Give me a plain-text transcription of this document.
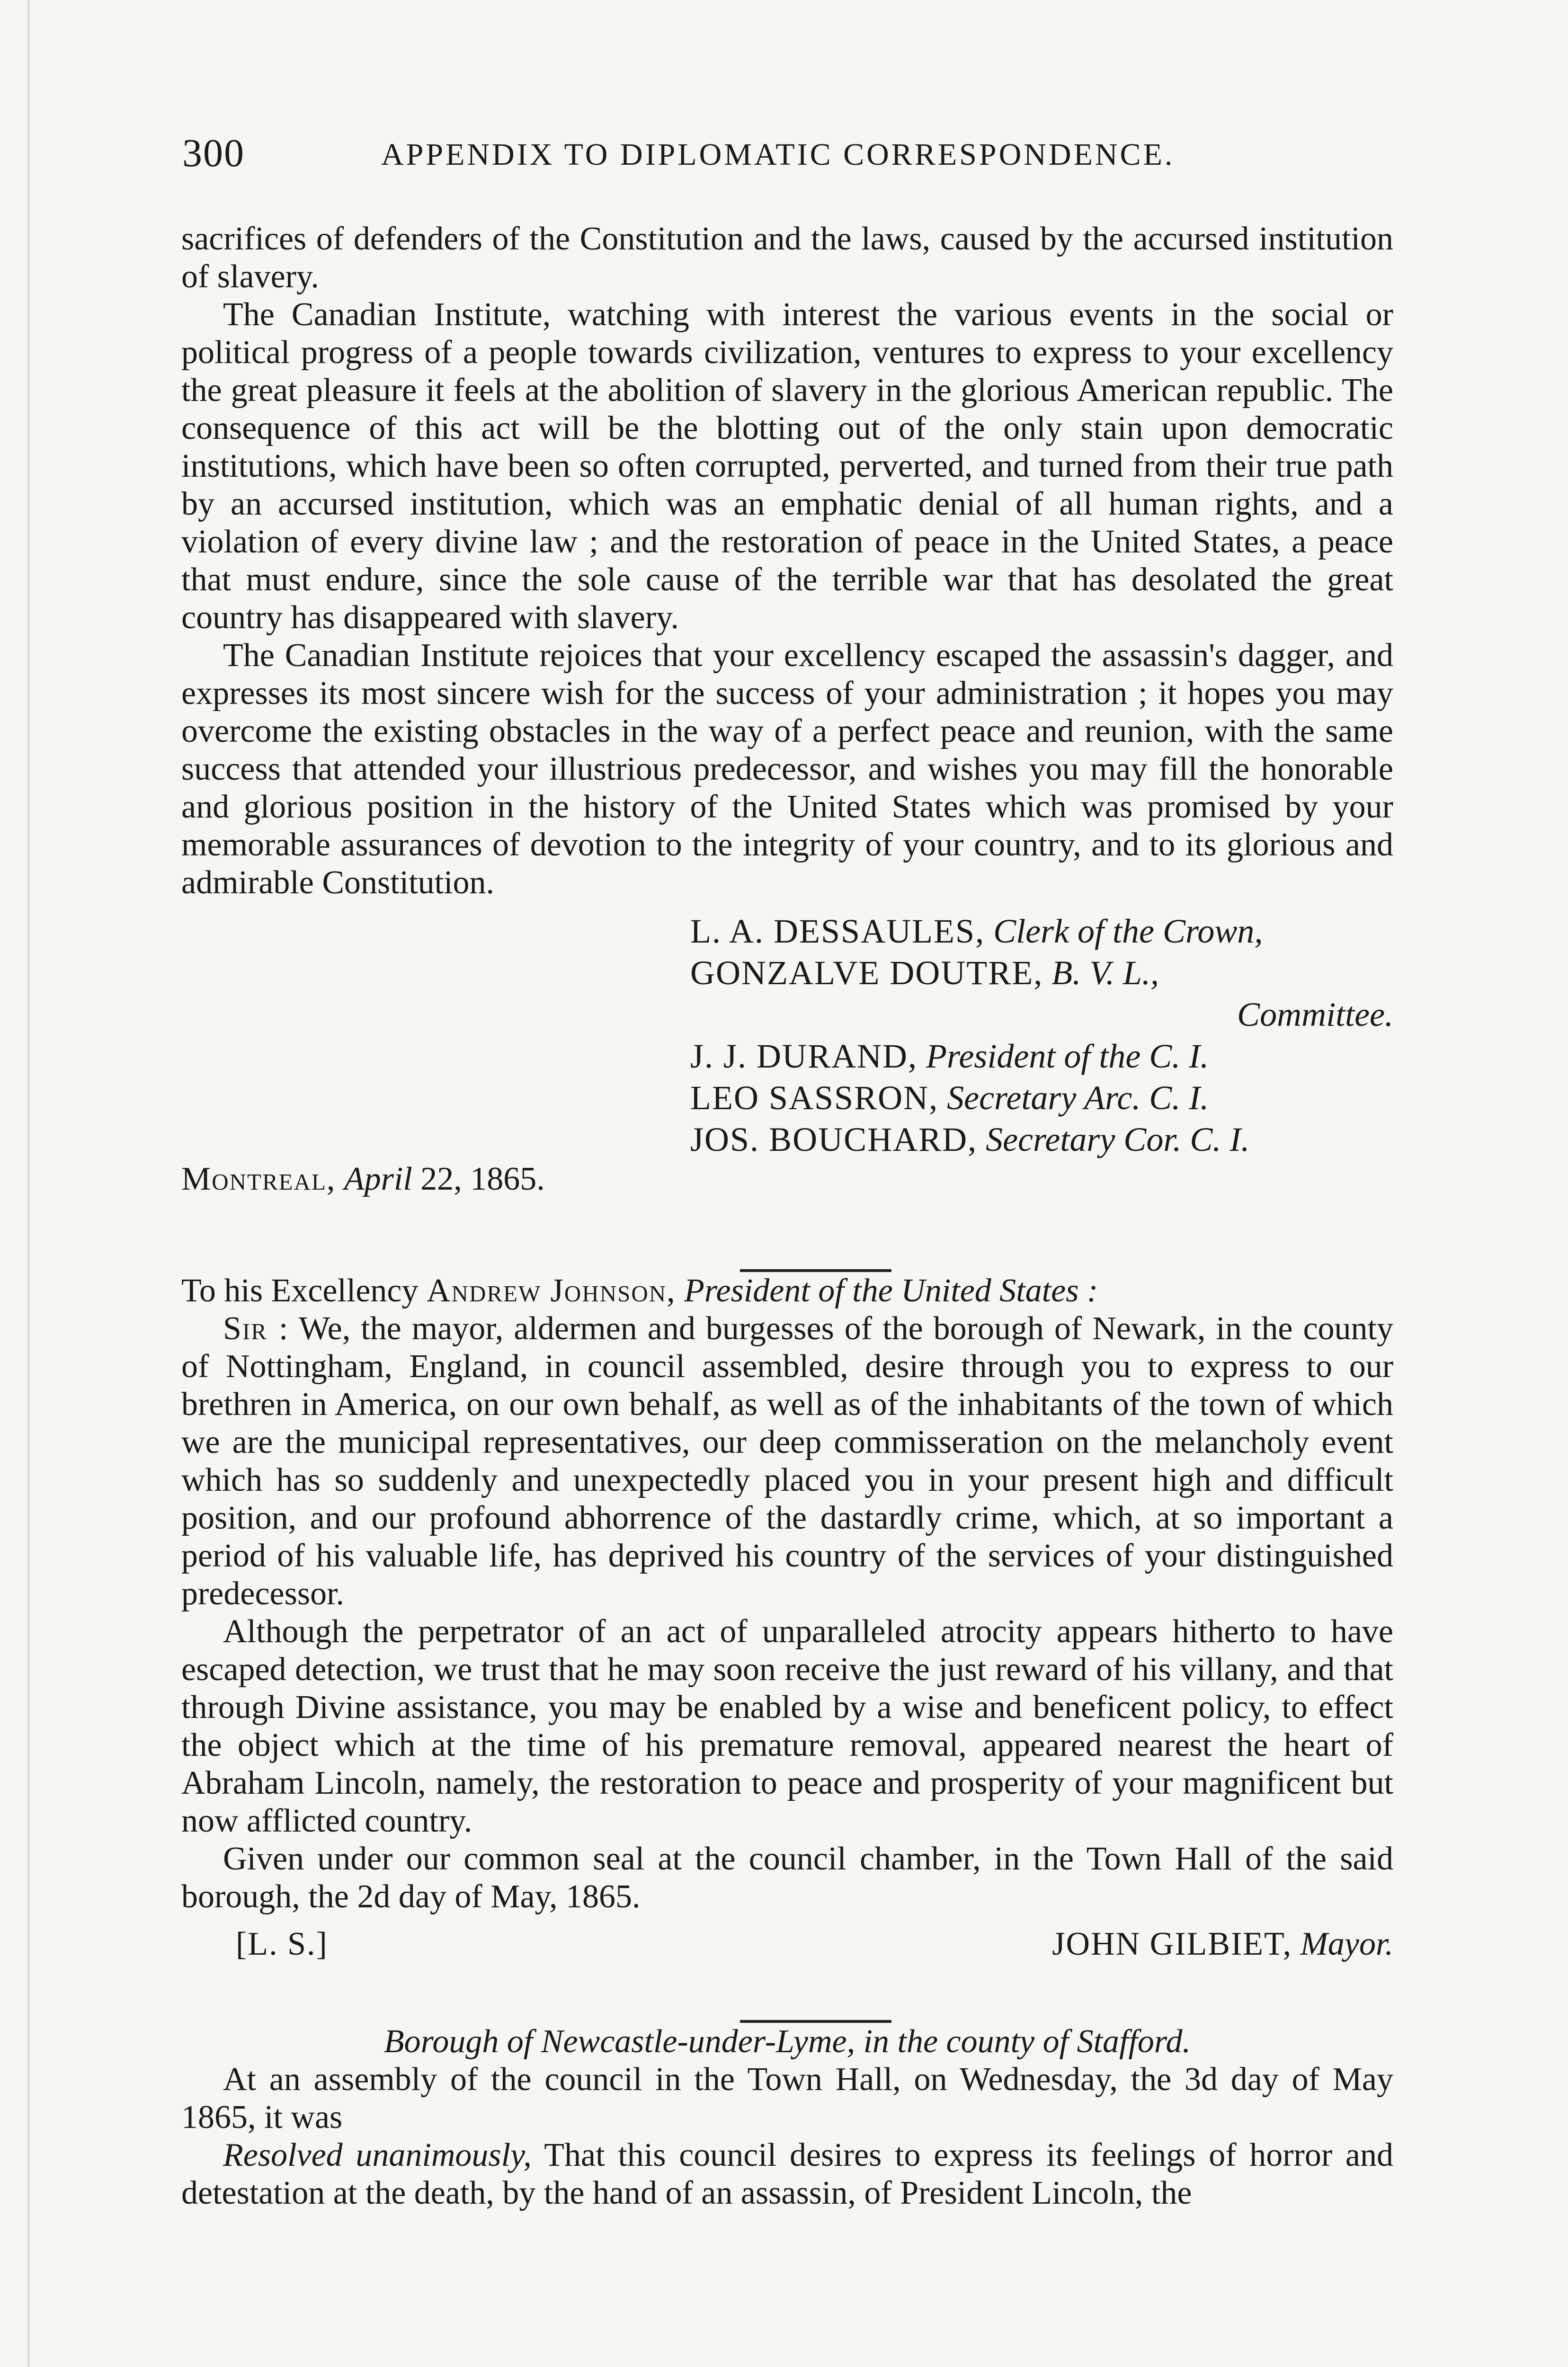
300	APPENDIX TO DIPLOMATIC CORRESPONDENCE.

sacrifices of defenders of the Constitution and the laws, caused by the accursed institution of slavery.

The Canadian Institute, watching with interest the various events in the social or political progress of a people towards civilization, ventures to express to your excellency the great pleasure it feels at the abolition of slavery in the glorious American republic. The consequence of this act will be the blotting out of the only stain upon democratic institutions, which have been so often corrupted, perverted, and turned from their true path by an accursed institution, which was an emphatic denial of all human rights, and a violation of every divine law ; and the restoration of peace in the United States, a peace that must endure, since the sole cause of the terrible war that has desolated the great country has disappeared with slavery.

The Canadian Institute rejoices that your excellency escaped the assassin's dagger, and expresses its most sincere wish for the success of your administration ; it hopes you may overcome the existing obstacles in the way of a perfect peace and reunion, with the same success that attended your illustrious predecessor, and wishes you may fill the honorable and glorious position in the history of the United States which was promised by your memorable assurances of devotion to the integrity of your country, and to its glorious and admirable Constitution.

L. A. DESSAULES, Clerk of the Crown,
GONZALVE DOUTRE, B. V. L.,
Committee.
J. J. DURAND, President of the C. I.
LEO SASSRON, Secretary Arc. C. I.
JOS. BOUCHARD, Secretary Cor. C. I.

Montreal, April 22, 1865.

To his Excellency Andrew Johnson, President of the United States :

Sir : We, the mayor, aldermen and burgesses of the borough of Newark, in the county of Nottingham, England, in council assembled, desire through you to express to our brethren in America, on our own behalf, as well as of the inhabitants of the town of which we are the municipal representatives, our deep commisseration on the melancholy event which has so suddenly and unexpectedly placed you in your present high and difficult position, and our profound abhorrence of the dastardly crime, which, at so important a period of his valuable life, has deprived his country of the services of your distinguished predecessor.

Although the perpetrator of an act of unparalleled atrocity appears hitherto to have escaped detection, we trust that he may soon receive the just reward of his villany, and that through Divine assistance, you may be enabled by a wise and beneficent policy, to effect the object which at the time of his premature removal, appeared nearest the heart of Abraham Lincoln, namely, the restoration to peace and prosperity of your magnificent but now afflicted country.

Given under our common seal at the council chamber, in the Town Hall of the said borough, the 2d day of May, 1865.

[L. S.]	JOHN GILBIET, Mayor.

Borough of Newcastle-under-Lyme, in the county of Stafford.

At an assembly of the council in the Town Hall, on Wednesday, the 3d day of May 1865, it was

Resolved unanimously, That this council desires to express its feelings of horror and detestation at the death, by the hand of an assassin, of President Lincoln, the
